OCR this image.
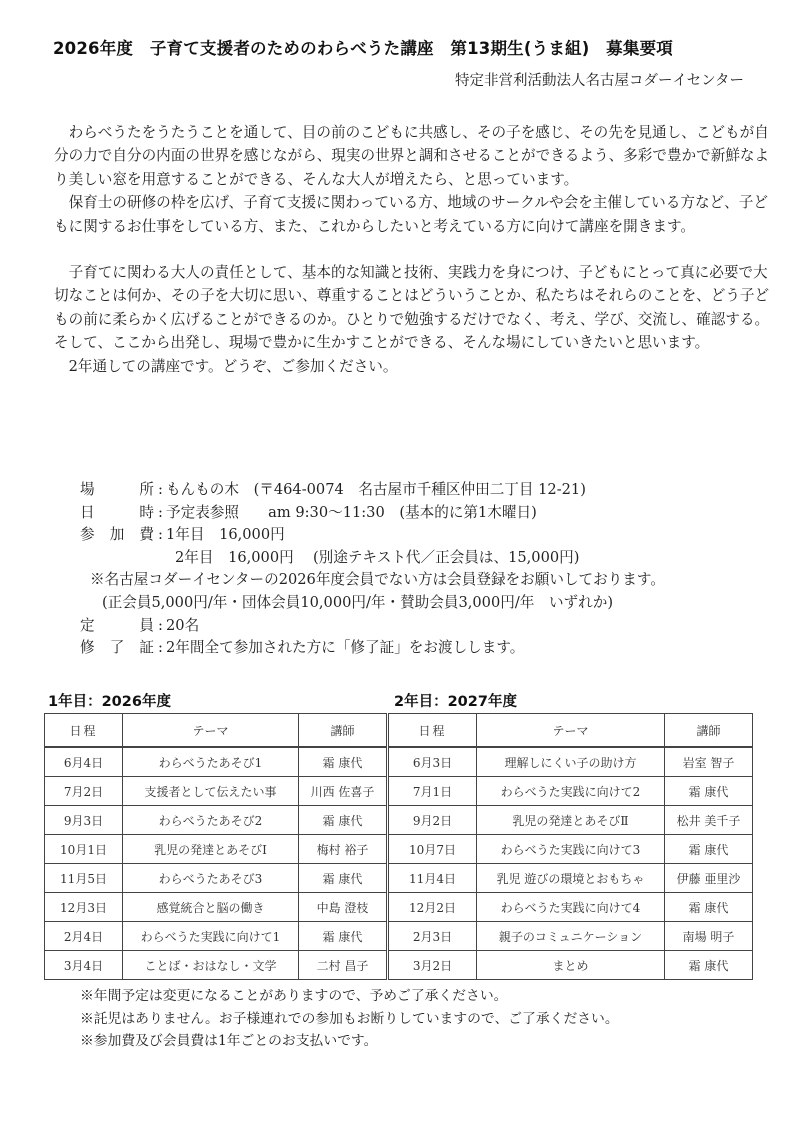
2026年度　子育て支援者のためのわらべうた講座　第13期生(うま組)　募集要項
特定非営利活動法人名古屋コダーイセンター

わらべうたをうたうことを通して、目の前のこどもに共感し、その子を感じ、その先を見通し、こどもが自分の力で自分の内面の世界を感じながら、現実の世界と調和させることができるよう、多彩で豊かで新鮮なより美しい窓を用意することができる、そんな大人が増えたら、と思っています。

保育士の研修の枠を広げ、子育て支援に関わっている方、地域のサークルや会を主催している方など、子どもに関するお仕事をしている方、また、これからしたいと考えている方に向けて講座を開きます。

子育てに関わる大人の責任として、基本的な知識と技術、実践力を身につけ、子どもにとって真に必要で大切なことは何か、その子を大切に思い、尊重することはどういうことか、私たちはそれらのことを、どう子どもの前に柔らかく広げることができるのか。ひとりで勉強するだけでなく、考え、学び、交流し、確認する。そして、ここから出発し、現場で豊かに生かすことができる、そんな場にしていきたいと思います。

2年通しての講座です。どうぞ、ご参加ください。

場所 : もんもの木　(〒464-0074　名古屋市千種区仲田二丁目 12-21)
日時 : 予定表参照　　am 9:30〜11:30　(基本的に第1木曜日)
参加費 : 1年目　16,000円
2年目　16,000円　 (別途テキスト代／正会員は、15,000円)
※名古屋コダーイセンターの2026年度会員でない方は会員登録をお願いしております。
(正会員5,000円/年・団体会員10,000円/年・賛助会員3,000円/年　いずれか)
定員 : 20名
修了証 : 2年間全て参加された方に「修了証」をお渡しします。
1年目：2026年度	2年目：2027年度
日程	テーマ	講師
6月4日	わらべうたあそび1	霜 康代
7月2日	支援者として伝えたい事	川西 佐喜子
9月3日	わらべうたあそび2	霜 康代
10月1日	乳児の発達とあそびⅠ	梅村 裕子
11月5日	わらべうたあそび3	霜 康代
12月3日	感覚統合と脳の働き	中島 澄枝
2月4日	わらべうた実践に向けて1	霜 康代
3月4日	ことば・おはなし・文学	二村 昌子
日程	テーマ	講師
6月3日	理解しにくい子の助け方	岩室 智子
7月1日	わらべうた実践に向けて2	霜 康代
9月2日	乳児の発達とあそびⅡ	松井 美千子
10月7日	わらべうた実践に向けて3	霜 康代
11月4日	乳児 遊びの環境とおもちゃ	伊藤 亜里沙
12月2日	わらべうた実践に向けて4	霜 康代
2月3日	親子のコミュニケーション	南場 明子
3月2日	まとめ	霜 康代
※年間予定は変更になることがありますので、予めご了承ください。
※託児はありません。お子様連れでの参加もお断りしていますので、ご了承ください。
※参加費及び会員費は1年ごとのお支払いです。
